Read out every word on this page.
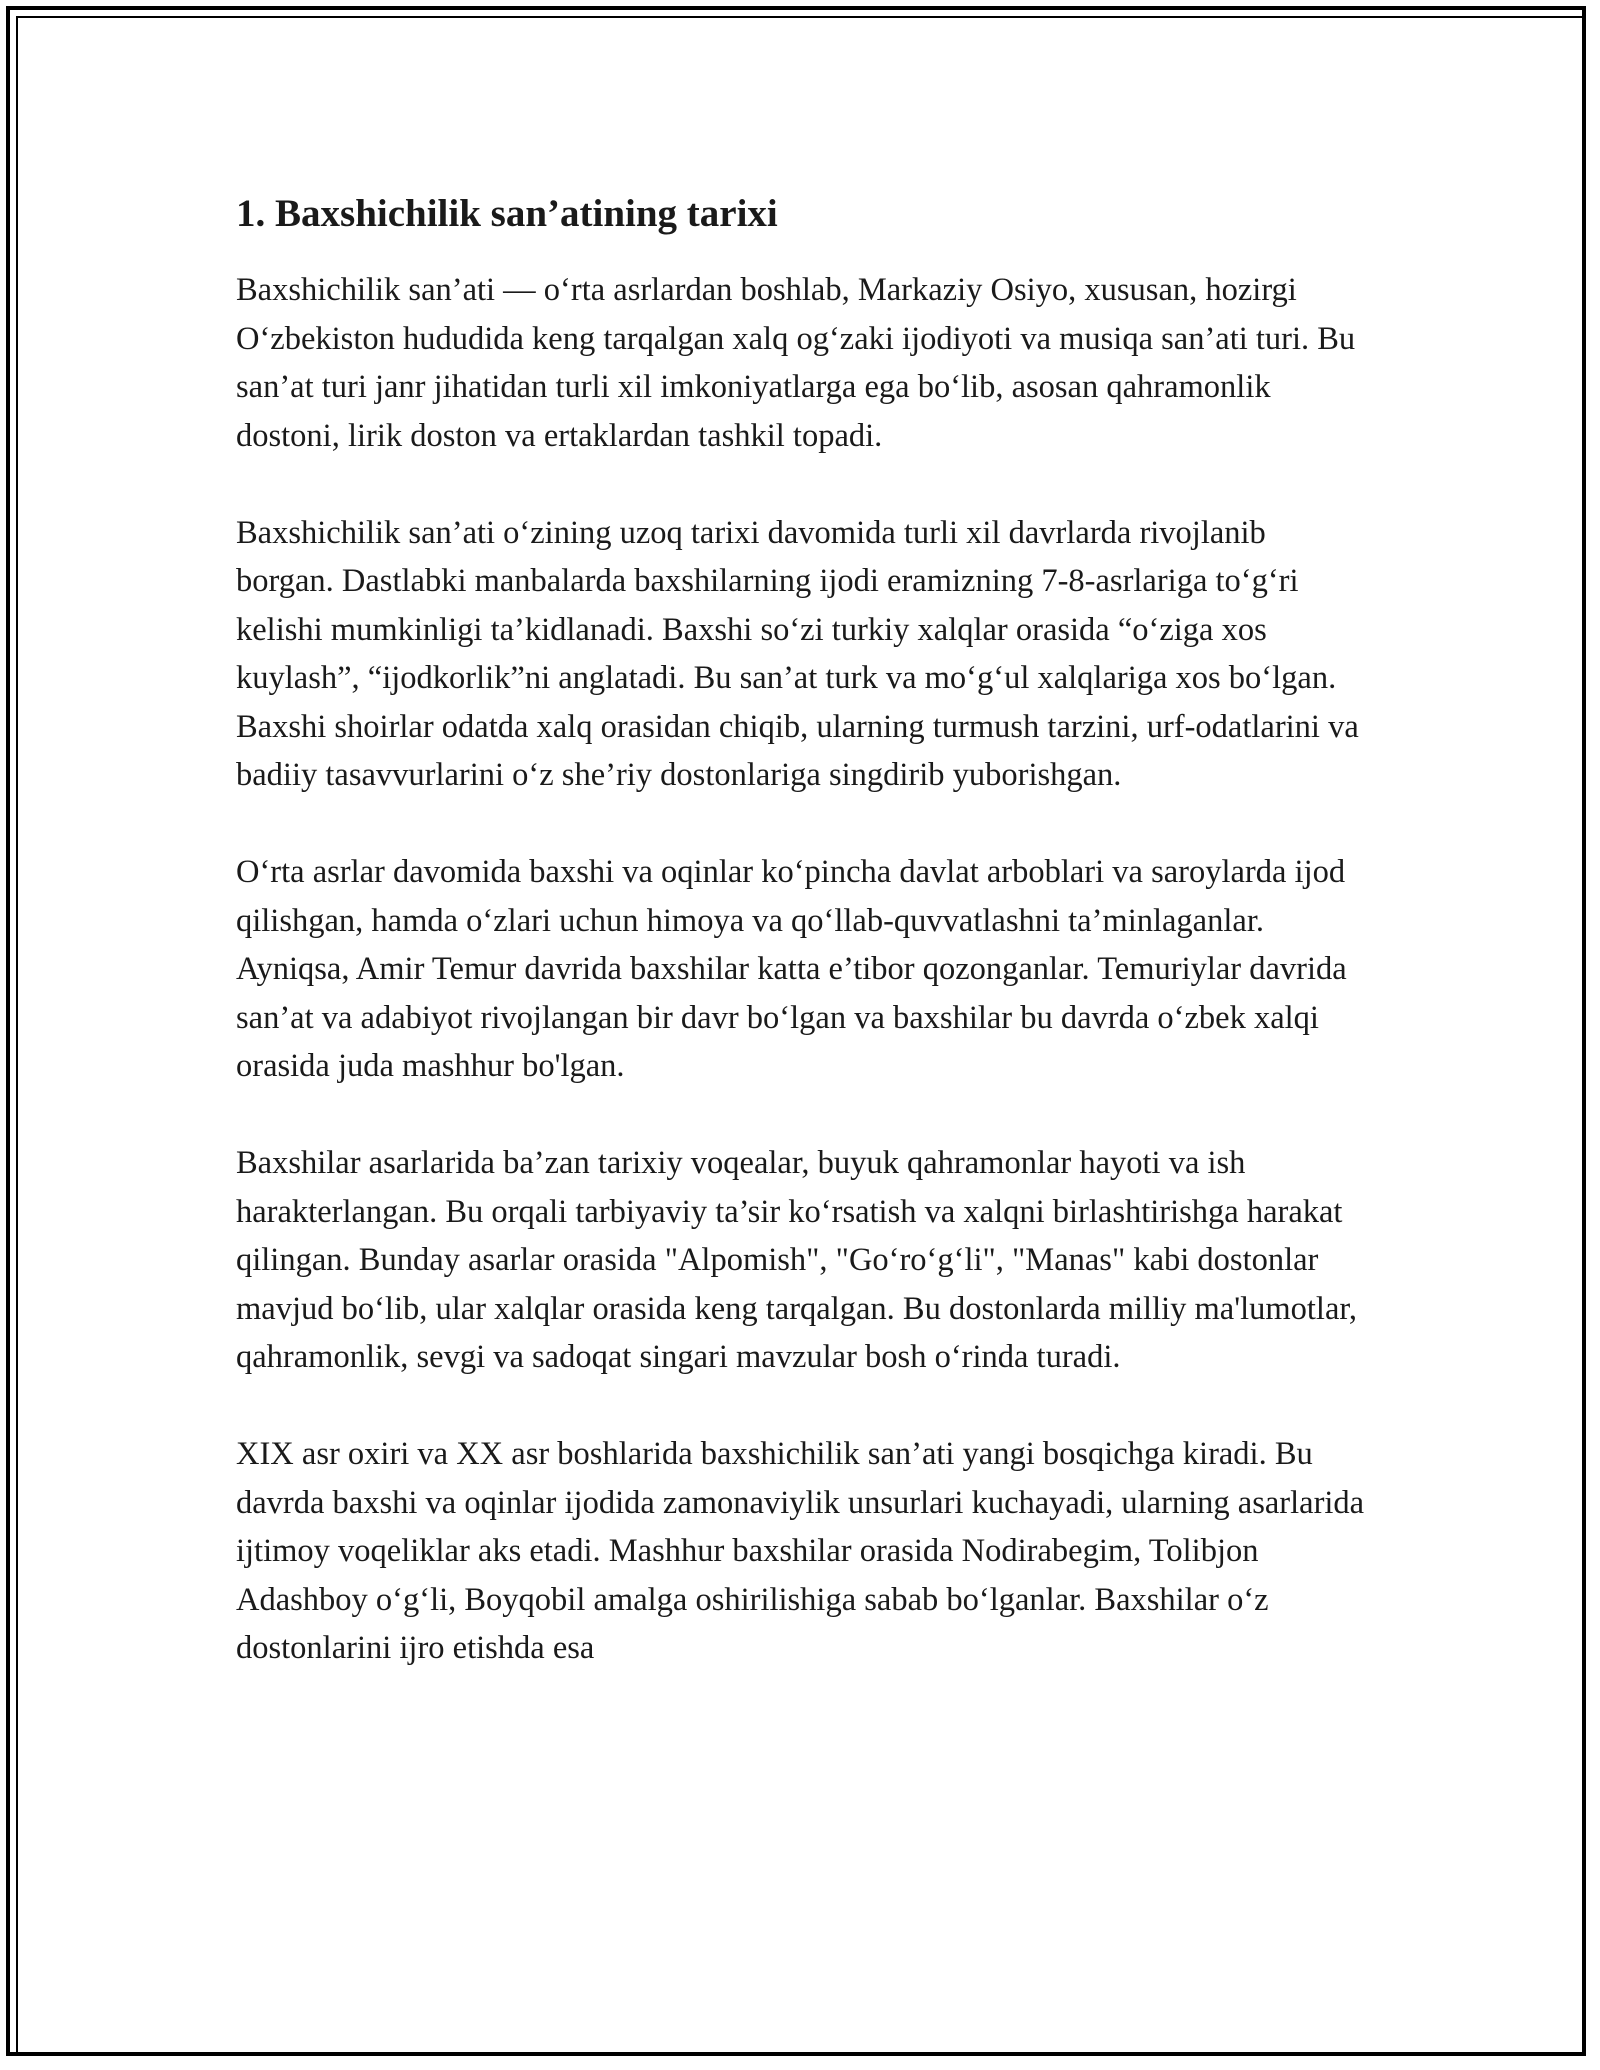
1. Baxshichilik san’atining tarixi

Baxshichilik san’ati — o‘rta asrlardan boshlab, Markaziy Osiyo, xususan, hozirgi O‘zbekiston hududida keng tarqalgan xalq og‘zaki ijodiyoti va musiqa san’ati turi. Bu san’at turi janr jihatidan turli xil imkoniyatlarga ega bo‘lib, asosan qahramonlik dostoni, lirik doston va ertaklardan tashkil topadi.

Baxshichilik san’ati o‘zining uzoq tarixi davomida turli xil davrlarda rivojlanib borgan. Dastlabki manbalarda baxshilarning ijodi eramizning 7-8-asrlariga to‘g‘ri kelishi mumkinligi ta’kidlanadi. Baxshi so‘zi turkiy xalqlar orasida “o‘ziga xos kuylash”, “ijodkorlik”ni anglatadi. Bu san’at turk va mo‘g‘ul xalqlariga xos bo‘lgan. Baxshi shoirlar odatda xalq orasidan chiqib, ularning turmush tarzini, urf-odatlarini va badiiy tasavvurlarini o‘z she’riy dostonlariga singdirib yuborishgan.

O‘rta asrlar davomida baxshi va oqinlar ko‘pincha davlat arboblari va saroylarda ijod qilishgan, hamda o‘zlari uchun himoya va qo‘llab-quvvatlashni ta’minlaganlar. Ayniqsa, Amir Temur davrida baxshilar katta e’tibor qozonganlar. Temuriylar davrida san’at va adabiyot rivojlangan bir davr bo‘lgan va baxshilar bu davrda o‘zbek xalqi orasida juda mashhur bo'lgan.

Baxshilar asarlarida ba’zan tarixiy voqealar, buyuk qahramonlar hayoti va ish harakterlangan. Bu orqali tarbiyaviy ta’sir ko‘rsatish va xalqni birlashtirishga harakat qilingan. Bunday asarlar orasida "Alpomish", "Go‘ro‘g‘li", "Manas" kabi dostonlar mavjud bo‘lib, ular xalqlar orasida keng tarqalgan. Bu dostonlarda milliy ma'lumotlar, qahramonlik, sevgi va sadoqat singari mavzular bosh o‘rinda turadi.

XIX asr oxiri va XX asr boshlarida baxshichilik san’ati yangi bosqichga kiradi. Bu davrda baxshi va oqinlar ijodida zamonaviylik unsurlari kuchayadi, ularning asarlarida ijtimoy voqeliklar aks etadi. Mashhur baxshilar orasida Nodirabegim, Tolibjon Adashboy o‘g‘li, Boyqobil amalga oshirilishiga sabab bo‘lganlar. Baxshilar o‘z dostonlarini ijro etishda esa
